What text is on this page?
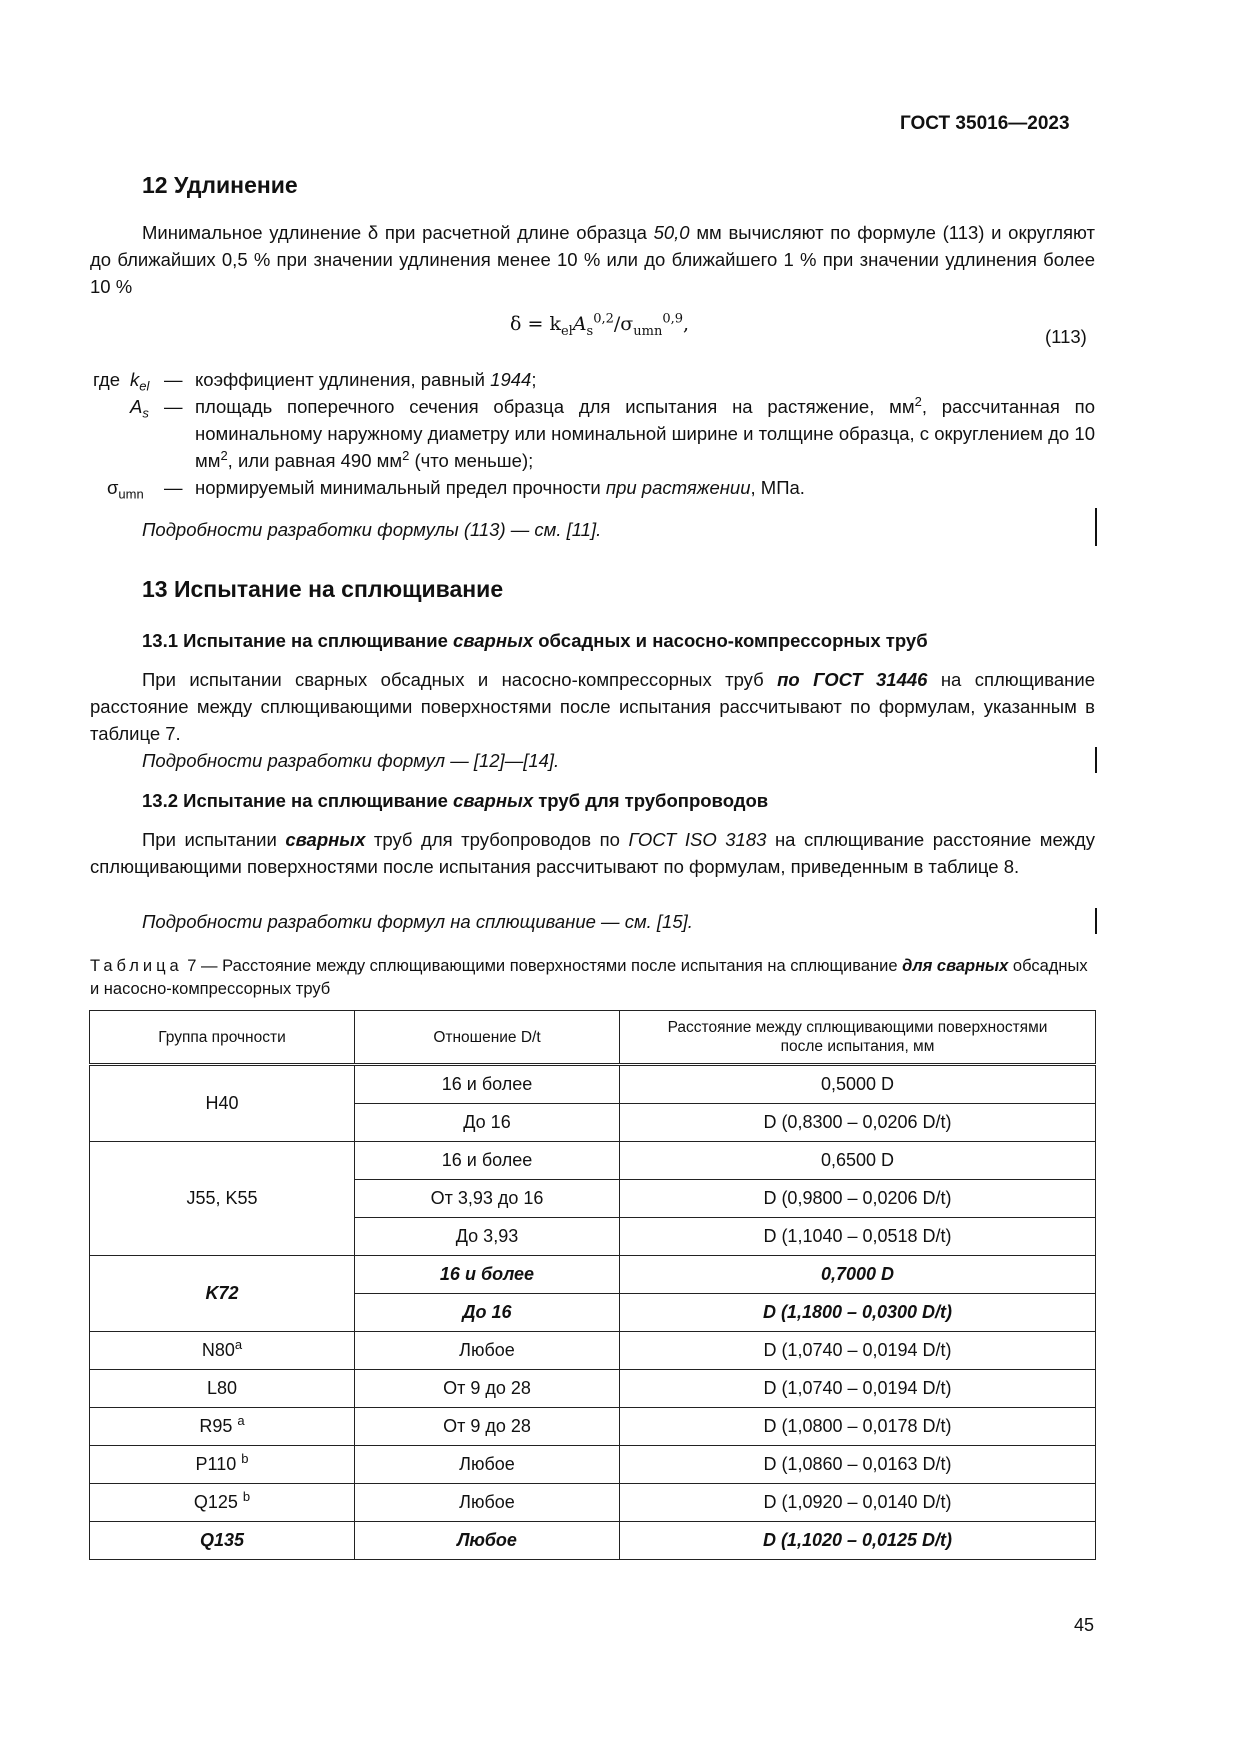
ГОСТ 35016—2023
12 Удлинение
Минимальное удлинение δ при расчетной длине образца 50,0 мм вычисляют по формуле (113) и округляют до ближайших 0,5 % при значении удлинения менее 10 % или до ближайшего 1 % при значении удлинения более 10 %
$\delta = k_{el}A_s^{0,2}/\sigma_{umn}^{0,9}$,
(113)
где $k_{el}$ — коэффициент удлинения, равный 1944;
$A_s$ — площадь поперечного сечения образца для испытания на растяжение, $мм^2$, рассчитанная по номинальному наружному диаметру или номинальной ширине и толщине образца, с округлением до 10 $мм^2$, или равная 490 $мм^2$ (что меньше);
$\sigma_{umn}$ — нормируемый минимальный предел прочности при растяжении, МПа.
Подробности разработки формулы (113) — см. [11].
13 Испытание на сплющивание
13.1 Испытание на сплющивание сварных обсадных и насосно-компрессорных труб
При испытании сварных обсадных и насосно-компрессорных труб по ГОСТ 31446 на сплющивание расстояние между сплющивающими поверхностями после испытания рассчитывают по формулам, указанным в таблице 7.
Подробности разработки формул — [12]—[14].
13.2 Испытание на сплющивание сварных труб для трубопроводов
При испытании сварных труб для трубопроводов по ГОСТ ISO 3183 на сплющивание расстояние между сплющивающими поверхностями после испытания рассчитывают по формулам, приведенным в таблице 8.
Подробности разработки формул на сплющивание — см. [15].
Таблица 7 — Расстояние между сплющивающими поверхностями после испытания на сплющивание для сварных обсадных и насосно-компрессорных труб
Группа прочности	Отношение D/t	Расстояние между сплющивающими поверхностями после испытания, мм
H40	16 и более	0,5000 D
	До 16	D (0,8300 – 0,0206 D/t)
J55, K55	16 и более	0,6500 D
	От 3,93 до 16	D (0,9800 – 0,0206 D/t)
	До 3,93	D (1,1040 – 0,0518 D/t)
K72	16 и более	0,7000 D
	До 16	D (1,1800 – 0,0300 D/t)
N80$^a$	Любое	D (1,0740 – 0,0194 D/t)
L80	От 9 до 28	D (1,0740 – 0,0194 D/t)
R95 $^a$	От 9 до 28	D (1,0800 – 0,0178 D/t)
P110 $^b$	Любое	D (1,0860 – 0,0163 D/t)
Q125 $^b$	Любое	D (1,0920 – 0,0140 D/t)
Q135	Любое	D (1,1020 – 0,0125 D/t)
45
